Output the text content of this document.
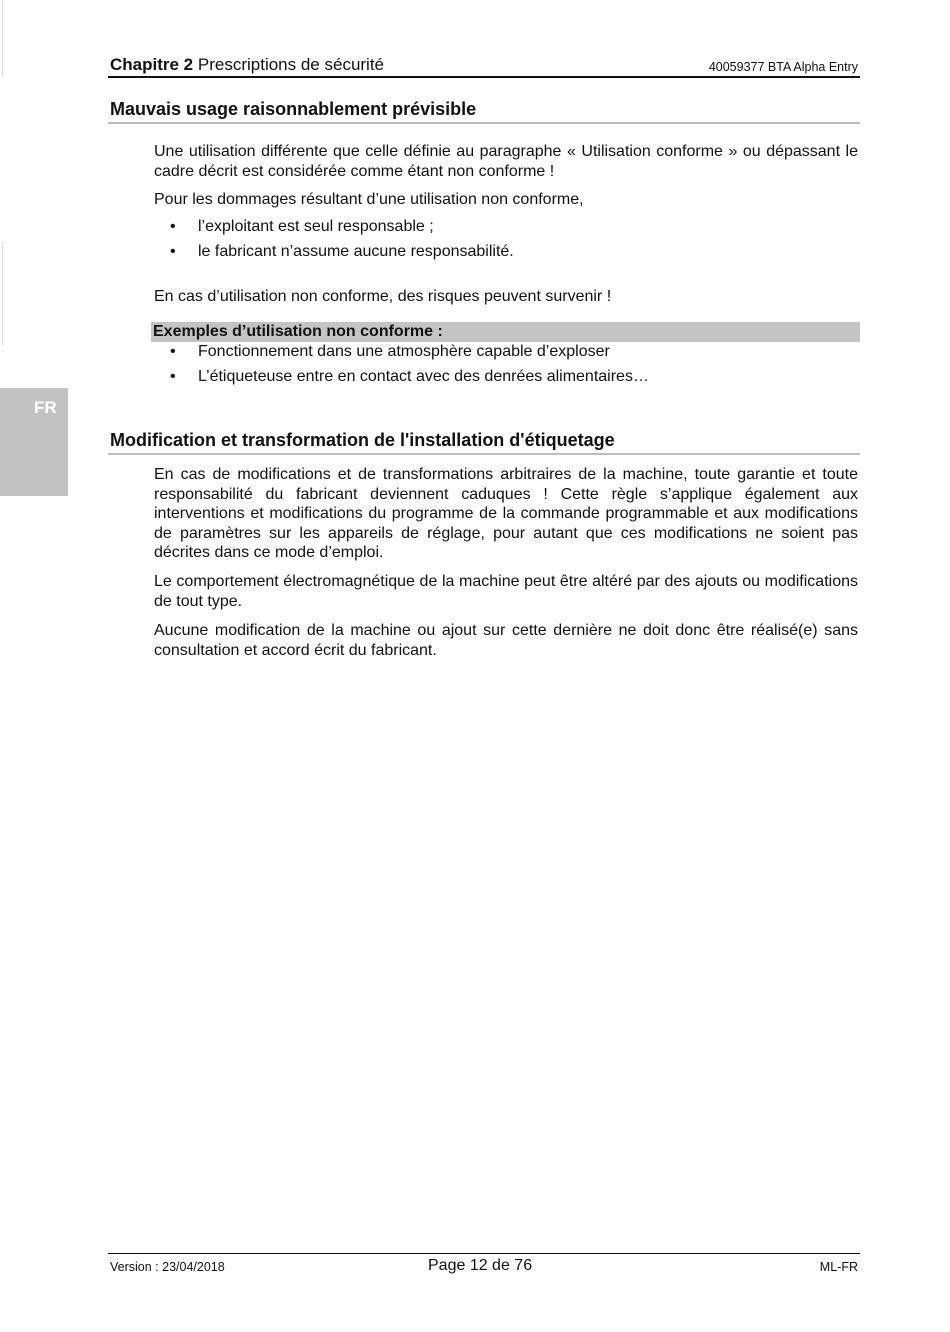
FR
Chapitre 2 Prescriptions de sécurité	40059377 BTA Alpha Entry
Mauvais usage raisonnablement prévisible

Une utilisation différente que celle définie au paragraphe « Utilisation conforme » ou dépassant le cadre décrit est considérée comme étant non conforme !

Pour les dommages résultant d’une utilisation non conforme,

• l’exploitant est seul responsable ;
• le fabricant n’assume aucune responsabilité.

En cas d’utilisation non conforme, des risques peuvent survenir !

Exemples d’utilisation non conforme :
• Fonctionnement dans une atmosphère capable d’exploser
• L’étiqueteuse entre en contact avec des denrées alimentaires…
Modification et transformation de l'installation d'étiquetage

En cas de modifications et de transformations arbitraires de la machine, toute garantie et toute responsabilité du fabricant deviennent caduques ! Cette règle s’applique également aux interventions et modifications du programme de la commande programmable et aux modifications de paramètres sur les appareils de réglage, pour autant que ces modifications ne soient pas décrites dans ce mode d’emploi.

Le comportement électromagnétique de la machine peut être altéré par des ajouts ou modifications de tout type.

Aucune modification de la machine ou ajout sur cette dernière ne doit donc être réalisé(e) sans consultation et accord écrit du fabricant.

Version : 23/04/2018	Page 12 de 76	ML-FR
